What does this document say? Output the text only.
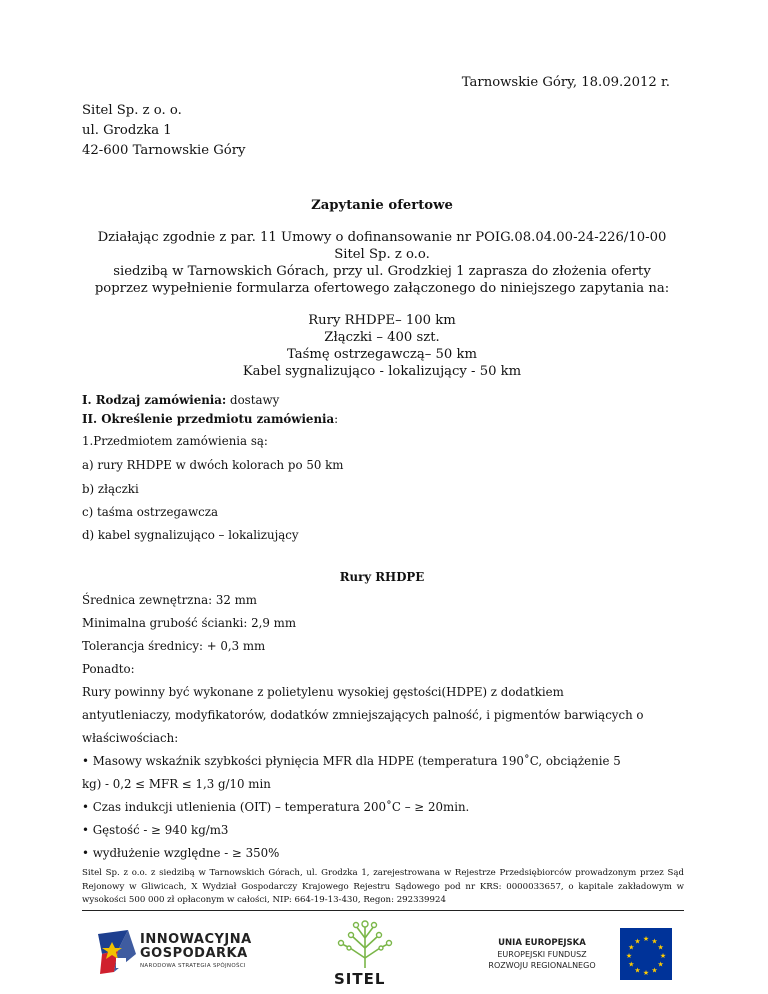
Tarnowskie Góry, 18.09.2012 r.
Sitel Sp. z o. o.
ul. Grodzka 1
42-600 Tarnowskie Góry
Zapytanie ofertowe
Działając zgodnie z par. 11 Umowy o dofinansowanie nr POIG.08.04.00-24-226/10-00
Sitel Sp. z o.o.
siedzibą w Tarnowskich Górach, przy ul. Grodzkiej 1 zaprasza do złożenia oferty
poprzez wypełnienie formularza ofertowego załączonego do niniejszego zapytania na:
Rury RHDPE– 100 km
Złączki – 400 szt.
Taśmę ostrzegawczą– 50 km
Kabel sygnalizująco - lokalizujący - 50 km
I. Rodzaj zamówienia: dostawy
II. Określenie przedmiotu zamówienia:
1.Przedmiotem zamówienia są:
a) rury RHDPE w dwóch kolorach po 50 km
b) złączki
c) taśma ostrzegawcza
d) kabel sygnalizująco – lokalizujący
Rury RHDPE
Średnica zewnętrzna: 32 mm
Minimalna grubość ścianki: 2,9 mm
Tolerancja średnicy: + 0,3 mm
Ponadto:
Rury powinny być wykonane z polietylenu wysokiej gęstości(HDPE) z dodatkiem
antyutleniaczy, modyfikatorów, dodatków zmniejszających palność, i pigmentów barwiących o
właściwościach:
• Masowy wskaźnik szybkości płynięcia MFR dla HDPE (temperatura 190˚C, obciążenie 5
kg) - 0,2 ≤ MFR ≤ 1,3 g/10 min
• Czas indukcji utlenienia (OIT) – temperatura 200˚C – ≥ 20min.
• Gęstość - ≥ 940 kg/m3
• wydłużenie względne - ≥ 350%
Sitel Sp. z o.o. z siedzibą w Tarnowskich Górach, ul. Grodzka 1, zarejestrowana w Rejestrze Przedsiębiorców prowadzonym przez Sąd Rejonowy w Gliwicach, X Wydział Gospodarczy Krajowego Rejestru Sądowego pod nr KRS: 0000033657, o kapitale zakładowym w wysokości 500 000 zł opłaconym w całości, NIP: 664-19-13-430, Regon: 292339924
INNOWACYJNA
GOSPODARKA
NARODOWA STRATEGIA SPÓJNOŚCI
SITEL
UNIA EUROPEJSKA
EUROPEJSKI FUNDUSZ
ROZWOJU REGIONALNEGO
★ ★
★
★
★
★
★
★
★
★
★
★
